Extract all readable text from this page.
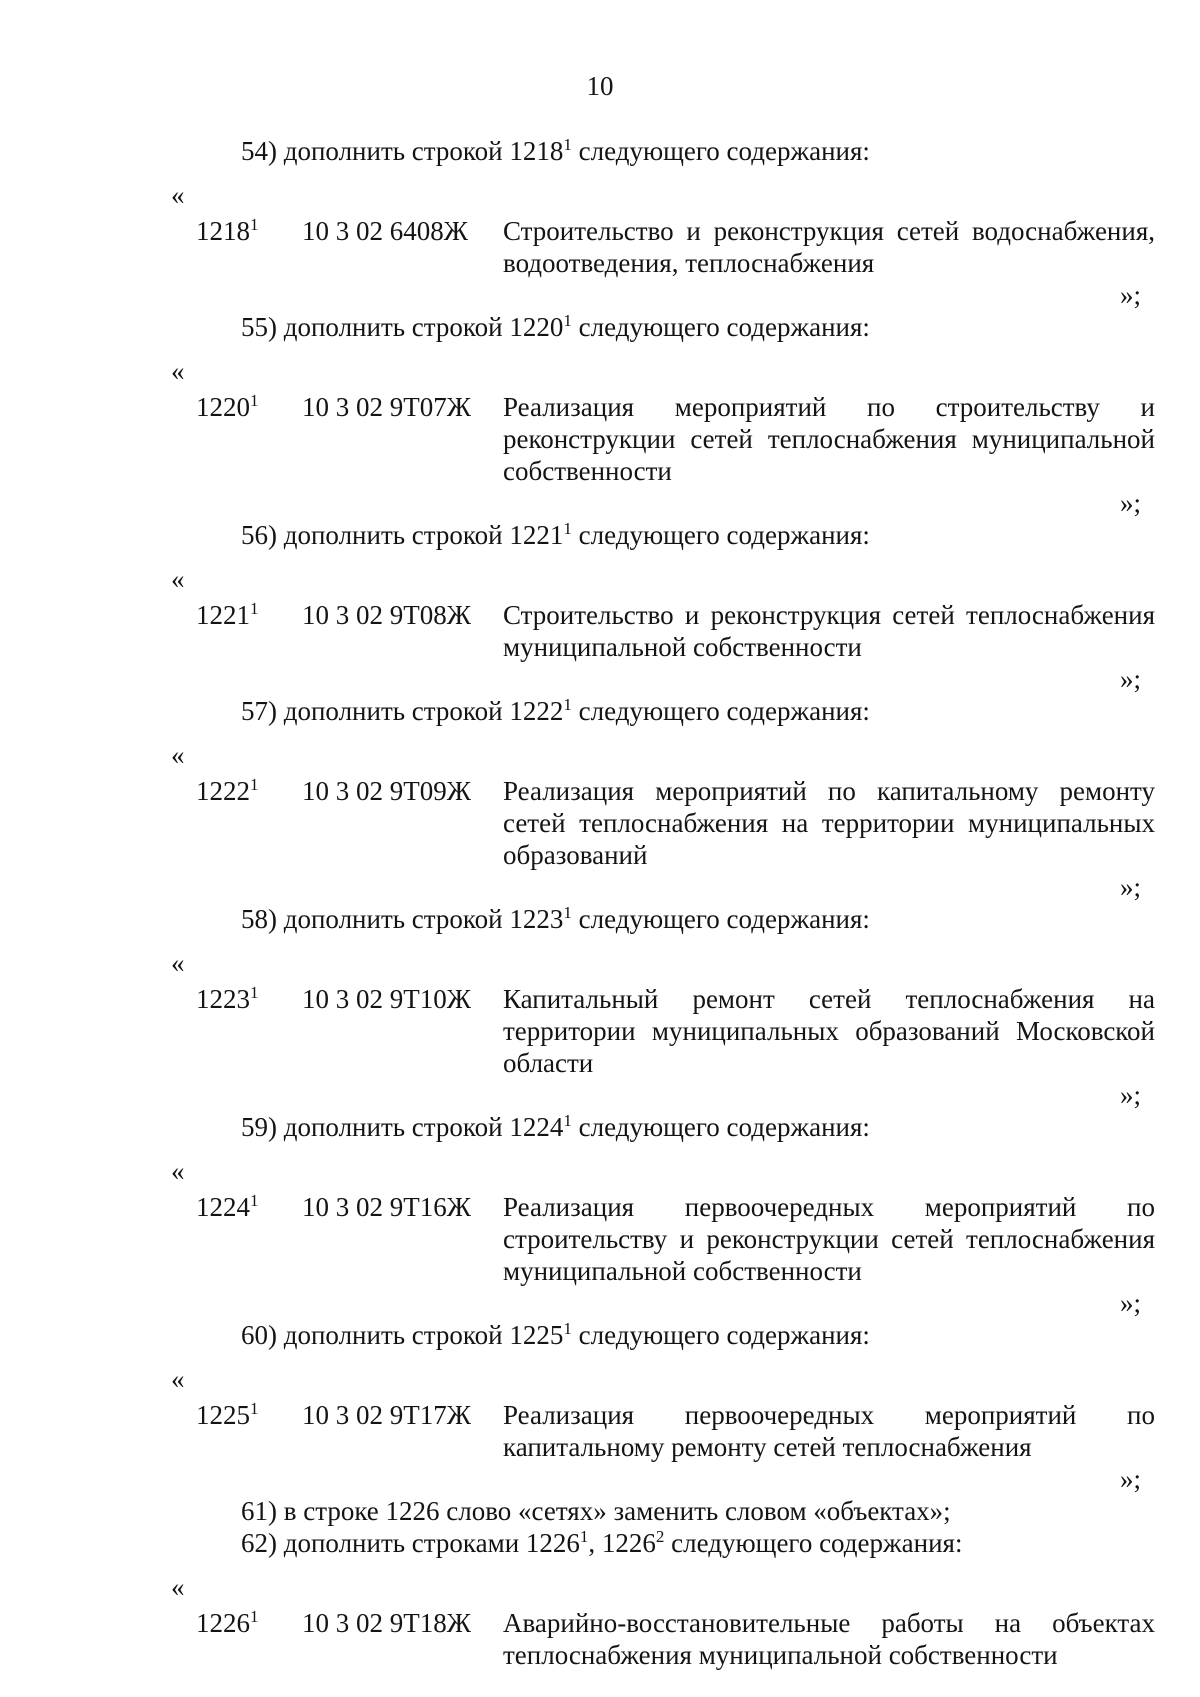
10
54) дополнить строкой 1218$^1$ следующего содержания:
«
1218$^1$	10 3 02 6408Ж	Строительство и реконструкция сетей водоснабжения, водоотведения, теплоснабжения
»;
55) дополнить строкой 1220$^1$ следующего содержания:
«
1220$^1$	10 3 02 9Т07Ж	Реализация мероприятий по строительству и реконструкции сетей теплоснабжения муниципальной собственности
»;
56) дополнить строкой 1221$^1$ следующего содержания:
«
1221$^1$	10 3 02 9Т08Ж	Строительство и реконструкция сетей теплоснабжения муниципальной собственности
»;
57) дополнить строкой 1222$^1$ следующего содержания:
«
1222$^1$	10 3 02 9Т09Ж	Реализация мероприятий по капитальному ремонту сетей теплоснабжения на территории муниципальных образований
»;
58) дополнить строкой 1223$^1$ следующего содержания:
«
1223$^1$	10 3 02 9Т10Ж	Капитальный ремонт сетей теплоснабжения на территории муниципальных образований Московской области
»;
59) дополнить строкой 1224$^1$ следующего содержания:
«
1224$^1$	10 3 02 9Т16Ж	Реализация первоочередных мероприятий по строительству и реконструкции сетей теплоснабжения муниципальной собственности
»;
60) дополнить строкой 1225$^1$ следующего содержания:
«
1225$^1$	10 3 02 9Т17Ж	Реализация первоочередных мероприятий по капитальному ремонту сетей теплоснабжения
»;
61) в строке 1226 слово «сетях» заменить словом «объектах»;
62) дополнить строками 1226$^1$, 1226$^2$ следующего содержания:
«
1226$^1$	10 3 02 9Т18Ж	Аварийно-восстановительные работы на объектах теплоснабжения муниципальной собственности
